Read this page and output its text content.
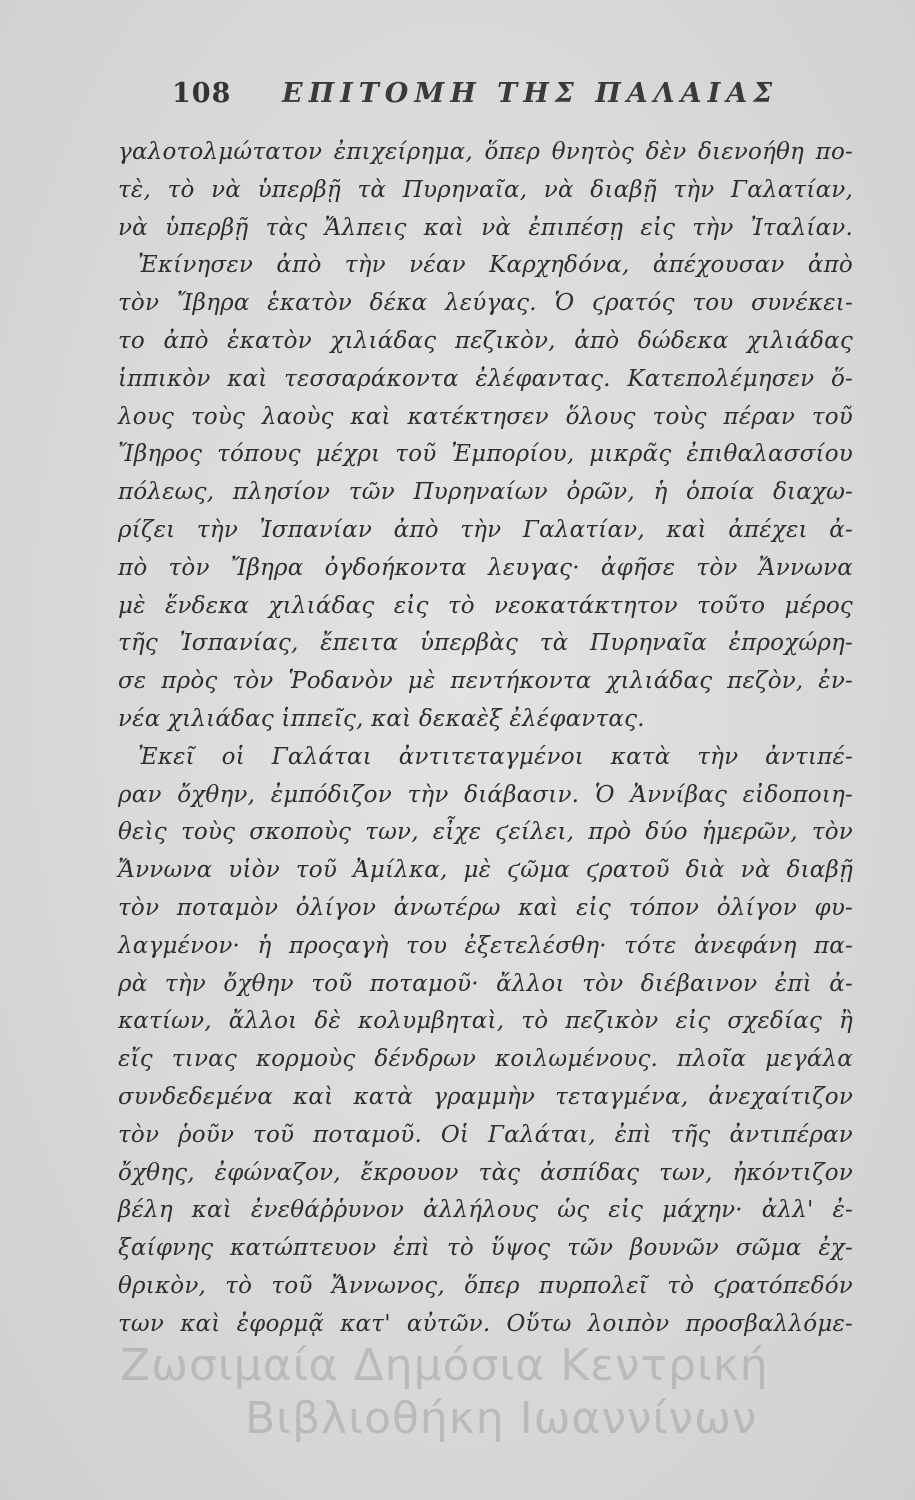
108 ΕΠΙΤΟΜΗ ΤΗΣ ΠΑΛΑΙΑΣ
γαλοτολμώτατον ἐπιχείρημα, ὅπερ θνητὸς δὲν διενοήθη πο-
τὲ, τὸ νὰ ὑπερβῇ τὰ Πυρηναῖα, νὰ διαβῇ τὴν Γαλατίαν,
νὰ ὑπερβῇ τὰς Ἄλπεις καὶ νὰ ἐπιπέσῃ εἰς τὴν Ἰταλίαν.
Ἐκίνησεν ἀπὸ τὴν νέαν Καρχηδόνα, ἀπέχουσαν ἀπὸ
τὸν Ἴβηρα ἑκατὸν δέκα λεύγας. Ὁ ϛρατός του συνέκει-
το ἀπὸ ἑκατὸν χιλιάδας πεζικὸν, ἀπὸ δώδεκα χιλιάδας
ἱππικὸν καὶ τεσσαράκοντα ἐλέφαντας. Κατεπολέμησεν ὅ-
λους τοὺς λαοὺς καὶ κατέκτησεν ὅλους τοὺς πέραν τοῦ
Ἴβηρος τόπους μέχρι τοῦ Ἐμπορίου, μικρᾶς ἐπιθαλασσίου
πόλεως, πλησίον τῶν Πυρηναίων ὀρῶν, ἡ ὁποία διαχω-
ρίζει τὴν Ἰσπανίαν ἀπὸ τὴν Γαλατίαν, καὶ ἀπέχει ἀ-
πὸ τὸν Ἴβηρα ὀγδοήκοντα λευγας· ἀφῆσε τὸν Ἄννωνα
μὲ ἕνδεκα χιλιάδας εἰς τὸ νεοκατάκτητον τοῦτο μέρος
τῆς Ἰσπανίας, ἔπειτα ὑπερβὰς τὰ Πυρηναῖα ἐπροχώρη-
σε πρὸς τὸν Ῥοδανὸν μὲ πεντήκοντα χιλιάδας πεζὸν, ἐν-
νέα χιλιάδας ἱππεῖς, καὶ δεκαὲξ ἐλέφαντας.
Ἐκεῖ οἱ Γαλάται ἀντιτεταγμένοι κατὰ τὴν ἀντιπέ-
ραν ὄχθην, ἐμπόδιζον τὴν διάβασιν. Ὁ Ἀννίβας εἰδοποιη-
θεὶς τοὺς σκοποὺς των, εἶχε ϛείλει, πρὸ δύο ἡμερῶν, τὸν
Ἄννωνα υἱὸν τοῦ Ἀμίλκα, μὲ ϛῶμα ϛρατοῦ διὰ νὰ διαβῇ
τὸν ποταμὸν ὀλίγον ἀνωτέρω καὶ εἰς τόπον ὀλίγον φυ-
λαγμένον· ἡ προςαγὴ του ἐξετελέσθη· τότε ἀνεφάνη πα-
ρὰ τὴν ὄχθην τοῦ ποταμοῦ· ἄλλοι τὸν διέβαινον ἐπὶ ἀ-
κατίων, ἄλλοι δὲ κολυμβηταὶ, τὸ πεζικὸν εἰς σχεδίας ἢ
εἴς τινας κορμοὺς δένδρων κοιλωμένους. πλοῖα μεγάλα
συνδεδεμένα καὶ κατὰ γραμμὴν τεταγμένα, ἀνεχαίτιζον
τὸν ῥοῦν τοῦ ποταμοῦ. Οἱ Γαλάται, ἐπὶ τῆς ἀντιπέραν
ὄχθης, ἐφώναζον, ἔκρουον τὰς ἀσπίδας των, ἠκόντιζον
βέλη καὶ ἐνεθάῤῥυνον ἀλλήλους ὡς εἰς μάχην· ἀλλ' ἐ-
ξαίφνης κατώπτευον ἐπὶ τὸ ὕψος τῶν βουνῶν σῶμα ἐχ-
θρικὸν, τὸ τοῦ Ἄννωνος, ὅπερ πυρπολεῖ τὸ ϛρατόπεδόν
των καὶ ἐφορμᾷ κατ' αὐτῶν. Οὕτω λοιπὸν προσβαλλόμε-
Ζωσιμαία Δημόσια Κεντρική
Βιβλιοθήκη Ιωαννίνων
